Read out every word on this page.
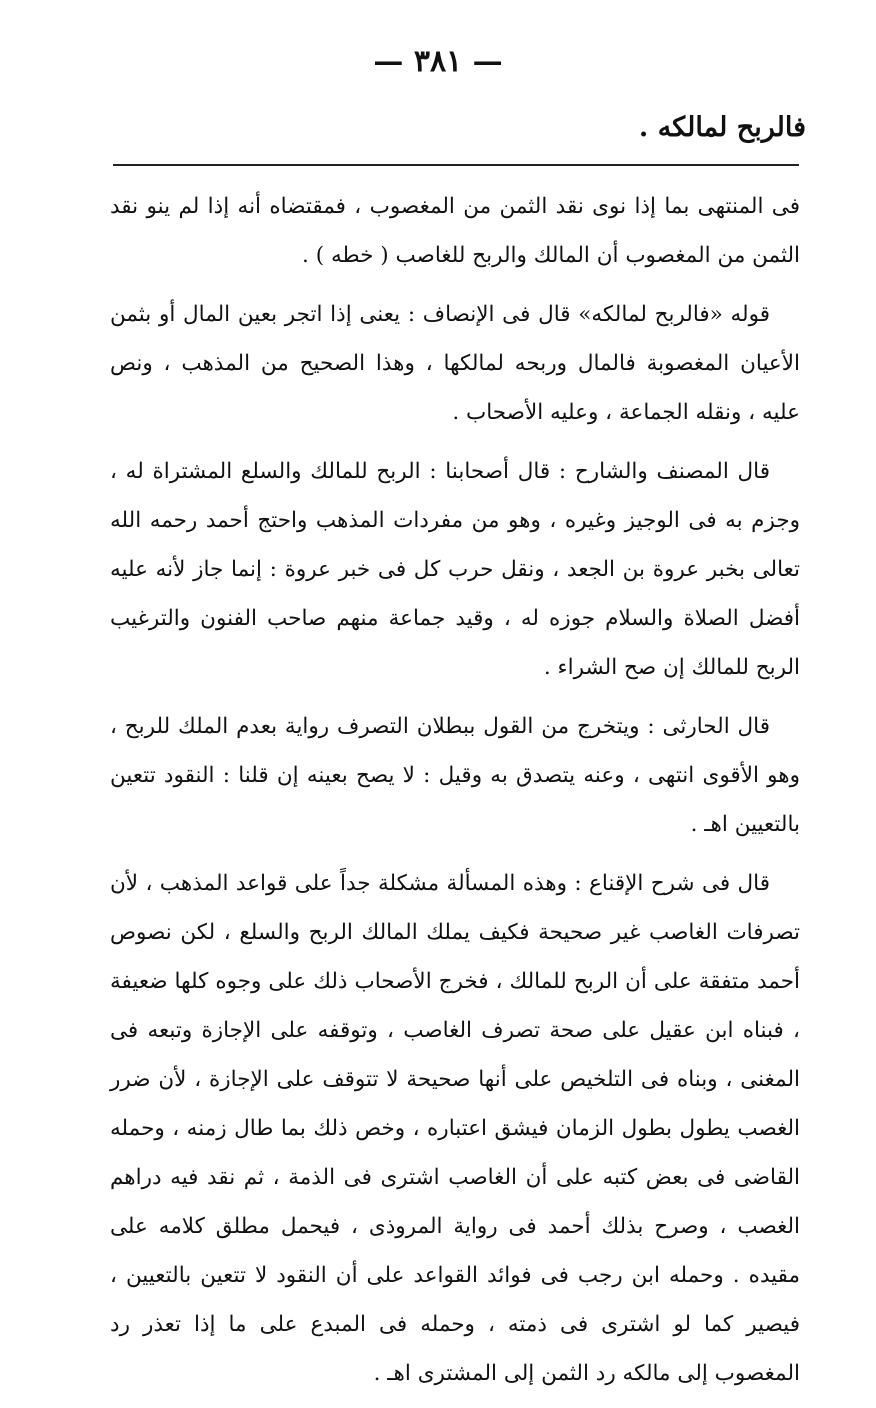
— ٣٨١ —
فالربح لمالكه .

فى المنتهى بما إذا نوى نقد الثمن من المغصوب ، فمقتضاه أنه إذا لم ينو نقد الثمن من المغصوب أن المالك والربح للغاصب ( خطه ) .

قوله «فالربح لمالكه» قال فى الإنصاف : يعنى إذا اتجر بعين المال أو بثمن الأعيان المغصوبة فالمال وربحه لمالكها ، وهذا الصحيح من المذهب ، ونص عليه ، ونقله الجماعة ، وعليه الأصحاب .

قال المصنف والشارح : قال أصحابنا : الربح للمالك والسلع المشتراة له ، وجزم به فى الوجيز وغيره ، وهو من مفردات المذهب واحتج أحمد رحمه الله تعالى بخبر عروة بن الجعد ، ونقل حرب كل فى خبر عروة : إنما جاز لأنه عليه أفضل الصلاة والسلام جوزه له ، وقيد جماعة منهم صاحب الفنون والترغيب الربح للمالك إن صح الشراء .

قال الحارثى : ويتخرج من القول ببطلان التصرف رواية بعدم الملك للربح ، وهو الأقوى انتهى ، وعنه يتصدق به وقيل : لا يصح بعينه إن قلنا : النقود تتعين بالتعيين اهـ .

قال فى شرح الإقناع : وهذه المسألة مشكلة جداً على قواعد المذهب ، لأن تصرفات الغاصب غير صحيحة فكيف يملك المالك الربح والسلع ، لكن نصوص أحمد متفقة على أن الربح للمالك ، فخرج الأصحاب ذلك على وجوه كلها ضعيفة ، فبناه ابن عقيل على صحة تصرف الغاصب ، وتوقفه على الإجازة وتبعه فى المغنى ، وبناه فى التلخيص على أنها صحيحة لا تتوقف على الإجازة ، لأن ضرر الغصب يطول بطول الزمان فيشق اعتباره ، وخص ذلك بما طال زمنه ، وحمله القاضى فى بعض كتبه على أن الغاصب اشترى فى الذمة ، ثم نقد فيه دراهم الغصب ، وصرح بذلك أحمد فى رواية المروذى ، فيحمل مطلق كلامه على مقيده . وحمله ابن رجب فى فوائد القواعد على أن النقود لا تتعين بالتعيين ، فيصير كما لو اشترى فى ذمته ، وحمله فى المبدع على ما إذا تعذر رد المغصوب إلى مالكه رد الثمن إلى المشترى اهـ .
